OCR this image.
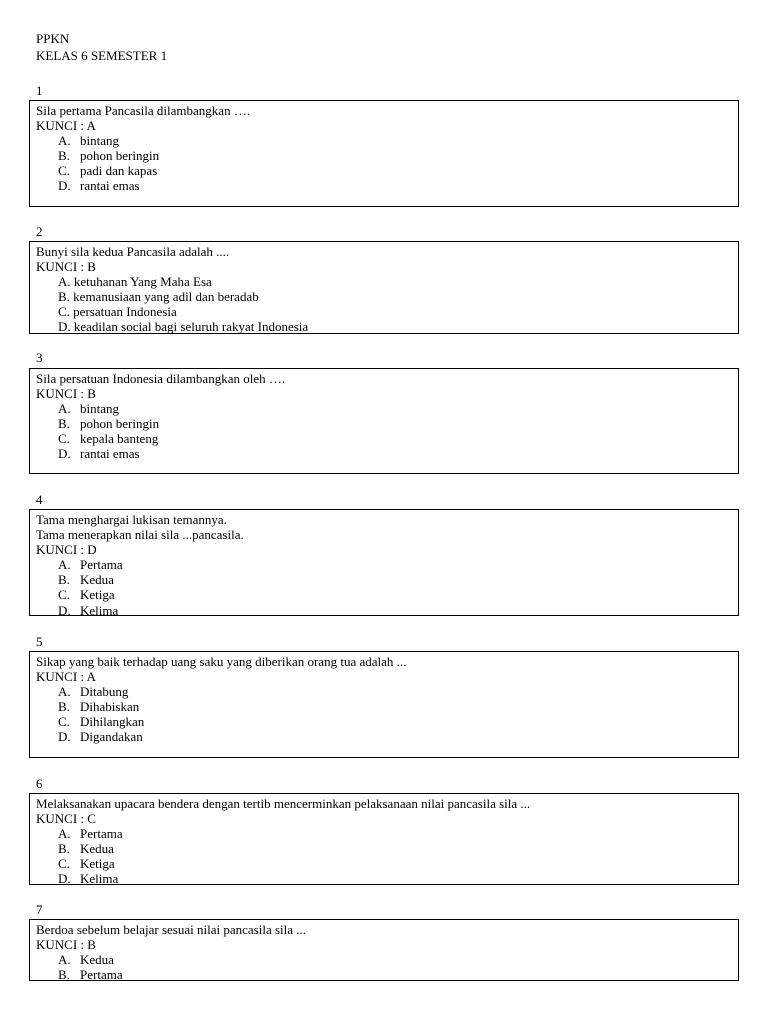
PPKN
KELAS 6 SEMESTER 1
1
Sila pertama Pancasila dilambangkan ….
KUNCI : A
A. bintang
B. pohon beringin
C. padi dan kapas
D. rantai emas
2
Bunyi sila kedua Pancasila adalah ....
KUNCI : B
A. ketuhanan Yang Maha Esa
B. kemanusiaan yang adil dan beradab
C. persatuan Indonesia
D. keadilan social bagi seluruh rakyat Indonesia
3
Sila persatuan Indonesia dilambangkan oleh ….
KUNCI : B
A. bintang
B. pohon beringin
C. kepala banteng
D. rantai emas
4
Tama menghargai lukisan temannya.
Tama menerapkan nilai sila ...pancasila.
KUNCI : D
A. Pertama
B. Kedua
C. Ketiga
D. Kelima
5
Sikap yang baik terhadap uang saku yang diberikan orang tua adalah ...
KUNCI : A
A. Ditabung
B. Dihabiskan
C. Dihilangkan
D. Digandakan
6
Melaksanakan upacara bendera dengan tertib mencerminkan pelaksanaan nilai pancasila sila ...
KUNCI : C
A. Pertama
B. Kedua
C. Ketiga
D. Kelima
7
Berdoa sebelum belajar sesuai nilai pancasila sila ...
KUNCI : B
A. Kedua
B. Pertama
